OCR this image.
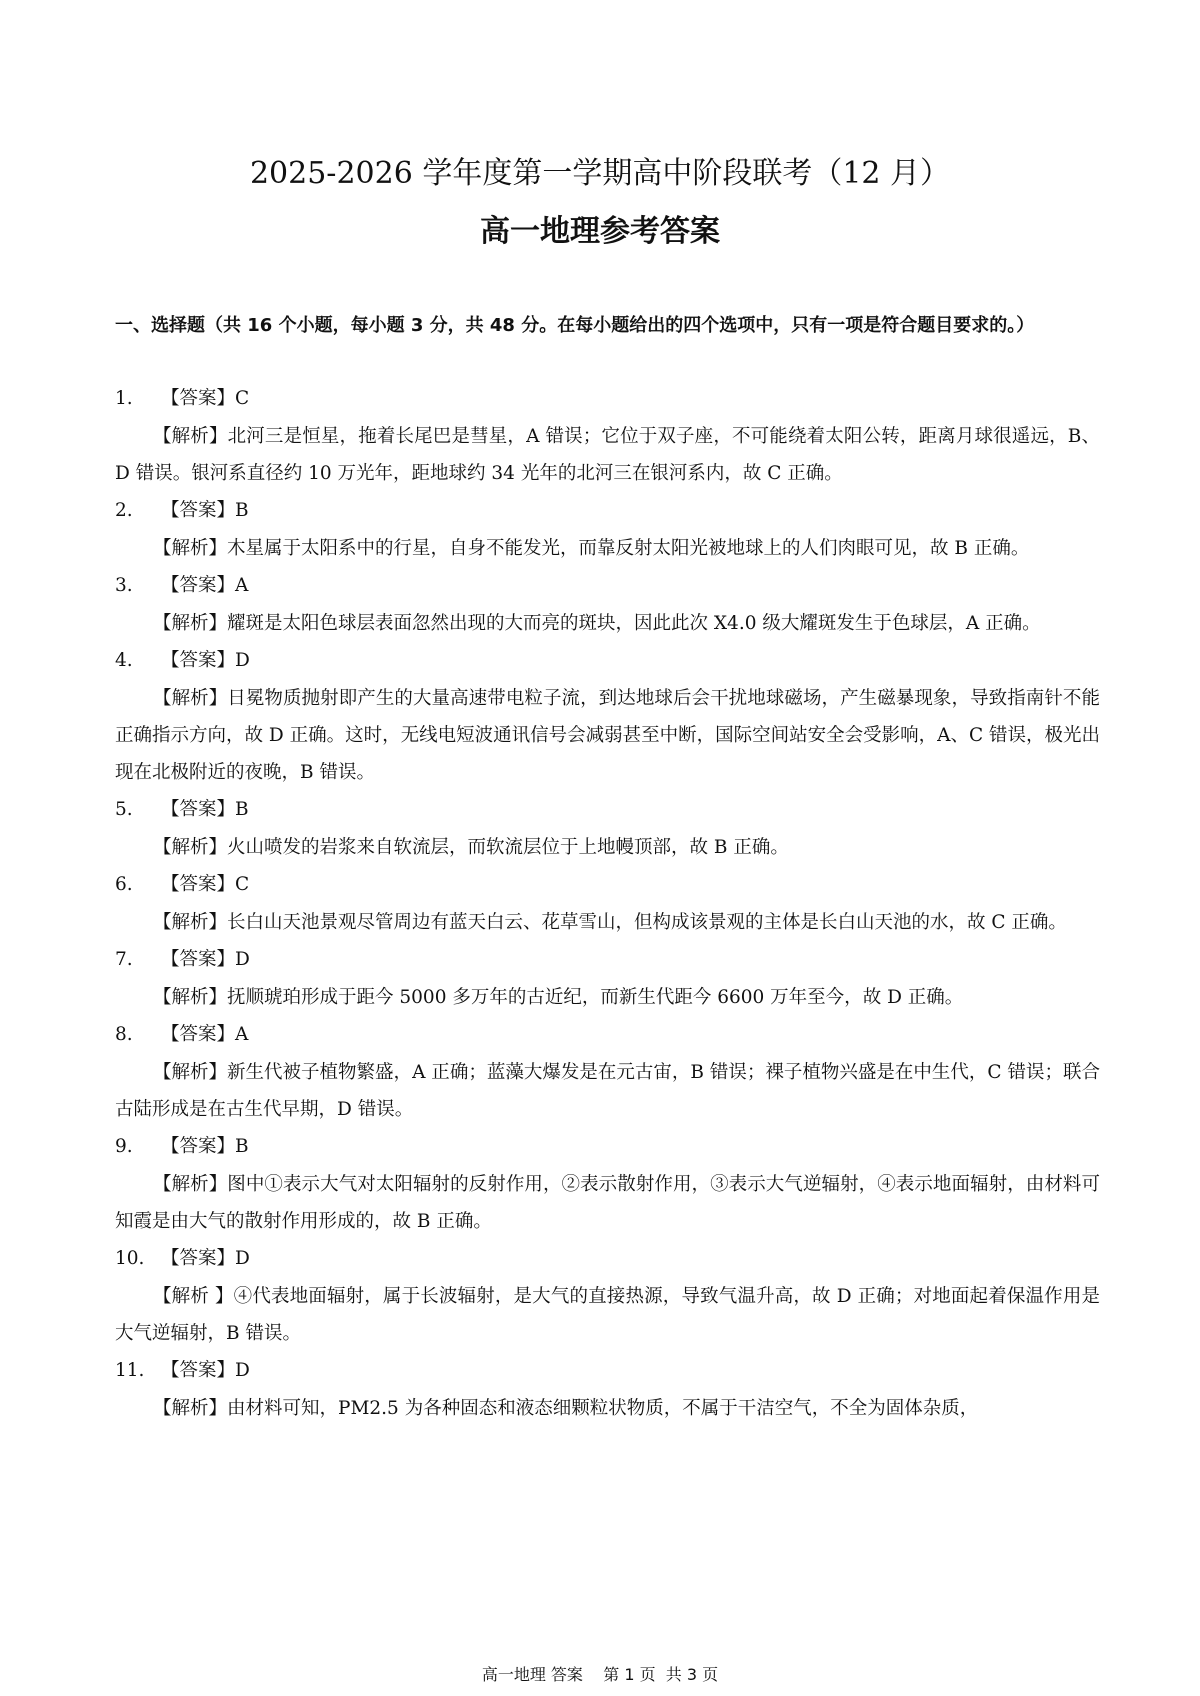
2025-2026 学年度第一学期高中阶段联考（12 月）
高一地理参考答案
一、选择题（共 16 个小题，每小题 3 分，共 48 分。在每小题给出的四个选项中，只有一项是符合题目要求的。）
1.	【答案】C
【解析】北河三是恒星，拖着长尾巴是彗星，A 错误；它位于双子座，不可能绕着太阳公转，距离月球很遥远，B、D 错误。银河系直径约 10 万光年，距地球约 34 光年的北河三在银河系内，故 C 正确。
2.	【答案】B
【解析】木星属于太阳系中的行星，自身不能发光，而靠反射太阳光被地球上的人们肉眼可见，故 B 正确。
3.	【答案】A
【解析】耀斑是太阳色球层表面忽然出现的大而亮的斑块，因此此次 X4.0 级大耀斑发生于色球层，A 正确。
4.	【答案】D
【解析】日冕物质抛射即产生的大量高速带电粒子流，到达地球后会干扰地球磁场，产生磁暴现象，导致指南针不能正确指示方向，故 D 正确。这时，无线电短波通讯信号会减弱甚至中断，国际空间站安全会受影响，A、C 错误，极光出现在北极附近的夜晚，B 错误。
5.	【答案】B
【解析】火山喷发的岩浆来自软流层，而软流层位于上地幔顶部，故 B 正确。
6.	【答案】C
【解析】长白山天池景观尽管周边有蓝天白云、花草雪山，但构成该景观的主体是长白山天池的水，故 C 正确。
7.	【答案】D
【解析】抚顺琥珀形成于距今 5000 多万年的古近纪，而新生代距今 6600 万年至今，故 D 正确。
8.	【答案】A
【解析】新生代被子植物繁盛，A 正确；蓝藻大爆发是在元古宙，B 错误；裸子植物兴盛是在中生代，C 错误；联合古陆形成是在古生代早期，D 错误。
9.	【答案】B
【解析】图中①表示大气对太阳辐射的反射作用，②表示散射作用，③表示大气逆辐射，④表示地面辐射，由材料可知霞是由大气的散射作用形成的，故 B 正确。
10. 【答案】D
【解析 】④代表地面辐射，属于长波辐射，是大气的直接热源，导致气温升高，故 D 正确；对地面起着保温作用是大气逆辐射，B 错误。
11. 【答案】D
【解析】由材料可知，PM2.5 为各种固态和液态细颗粒状物质，不属于干洁空气，不全为固体杂质，
高一地理 答案    第 1 页  共 3 页
